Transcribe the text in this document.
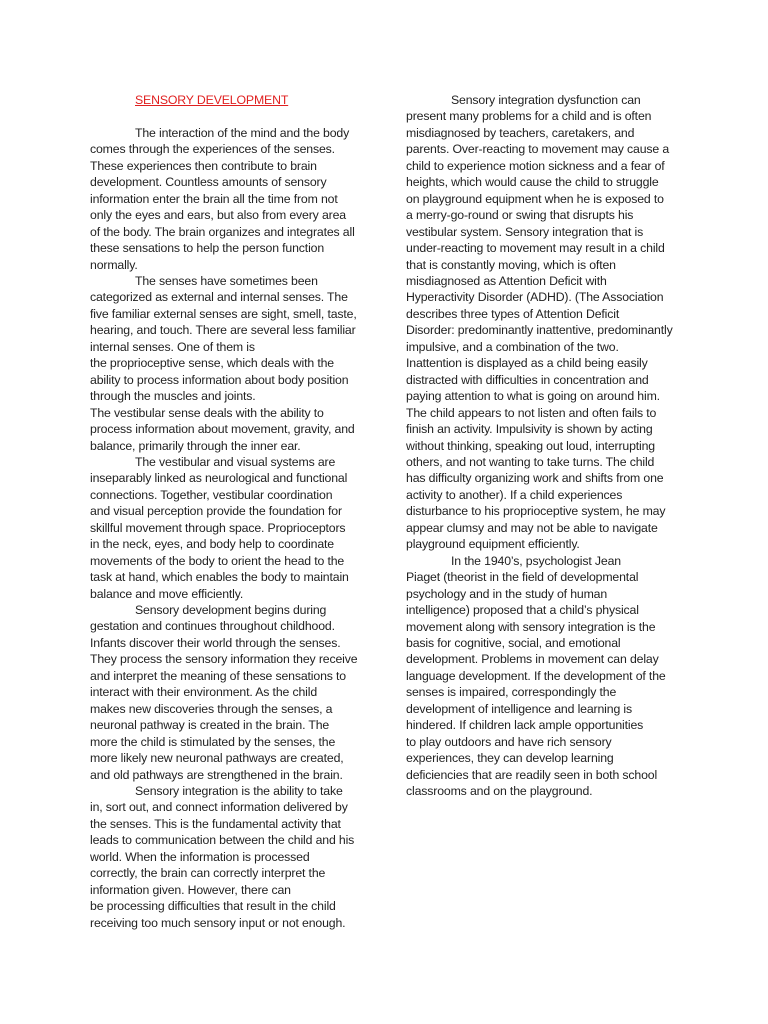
SENSORY DEVELOPMENT
The interaction of the mind and the body
comes through the experiences of the senses.
These experiences then contribute to brain
development. Countless amounts of sensory
information enter the brain all the time from not
only the eyes and ears, but also from every area
of the body. The brain organizes and integrates all
these sensations to help the person function
normally.
The senses have sometimes been
categorized as external and internal senses. The
five familiar external senses are sight, smell, taste,
hearing, and touch. There are several less familiar
internal senses. One of them is
the proprioceptive sense, which deals with the
ability to process information about body position
through the muscles and joints.
The vestibular sense deals with the ability to
process information about movement, gravity, and
balance, primarily through the inner ear.
The vestibular and visual systems are
inseparably linked as neurological and functional
connections. Together, vestibular coordination
and visual perception provide the foundation for
skillful movement through space. Proprioceptors
in the neck, eyes, and body help to coordinate
movements of the body to orient the head to the
task at hand, which enables the body to maintain
balance and move efficiently.
Sensory development begins during
gestation and continues throughout childhood.
Infants discover their world through the senses.
They process the sensory information they receive
and interpret the meaning of these sensations to
interact with their environment. As the child
makes new discoveries through the senses, a
neuronal pathway is created in the brain. The
more the child is stimulated by the senses, the
more likely new neuronal pathways are created,
and old pathways are strengthened in the brain.
Sensory integration is the ability to take
in, sort out, and connect information delivered by
the senses. This is the fundamental activity that
leads to communication between the child and his
world. When the information is processed
correctly, the brain can correctly interpret the
information given. However, there can
be processing difficulties that result in the child
receiving too much sensory input or not enough.
Sensory integration dysfunction can
present many problems for a child and is often
misdiagnosed by teachers, caretakers, and
parents. Over-reacting to movement may cause a
child to experience motion sickness and a fear of
heights, which would cause the child to struggle
on playground equipment when he is exposed to
a merry-go-round or swing that disrupts his
vestibular system. Sensory integration that is
under-reacting to movement may result in a child
that is constantly moving, which is often
misdiagnosed as Attention Deficit with
Hyperactivity Disorder (ADHD). (The Association
describes three types of Attention Deficit
Disorder: predominantly inattentive, predominantly
impulsive, and a combination of the two.
Inattention is displayed as a child being easily
distracted with difficulties in concentration and
paying attention to what is going on around him.
The child appears to not listen and often fails to
finish an activity. Impulsivity is shown by acting
without thinking, speaking out loud, interrupting
others, and not wanting to take turns. The child
has difficulty organizing work and shifts from one
activity to another). If a child experiences
disturbance to his proprioceptive system, he may
appear clumsy and may not be able to navigate
playground equipment efficiently.
In the 1940’s, psychologist Jean
Piaget (theorist in the field of developmental
psychology and in the study of human
intelligence) proposed that a child’s physical
movement along with sensory integration is the
basis for cognitive, social, and emotional
development. Problems in movement can delay
language development. If the development of the
senses is impaired, correspondingly the
development of intelligence and learning is
hindered. If children lack ample opportunities
to play outdoors and have rich sensory
experiences, they can develop learning
deficiencies that are readily seen in both school
classrooms and on the playground.
